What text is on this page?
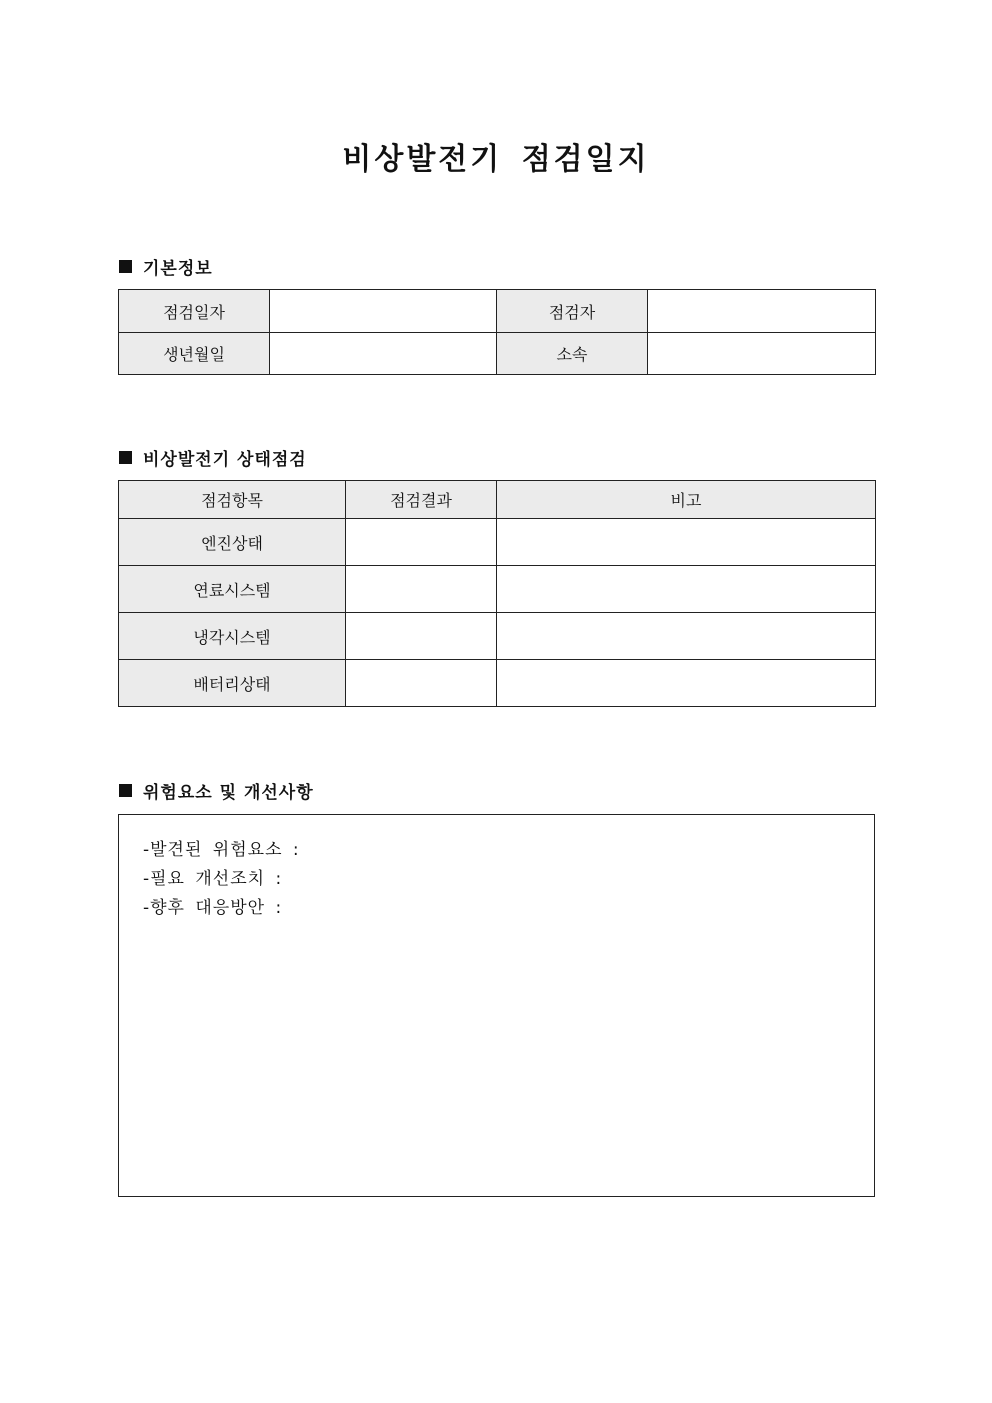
비상발전기 점검일지
기본정보
점검일자		점검자	
생년월일		소속	
비상발전기 상태점검
점검항목	점검결과	비고
엔진상태		
연료시스템		
냉각시스템		
배터리상태		
위험요소 및 개선사항
-발견된 위험요소 :
-필요 개선조치 :
-향후 대응방안 :
